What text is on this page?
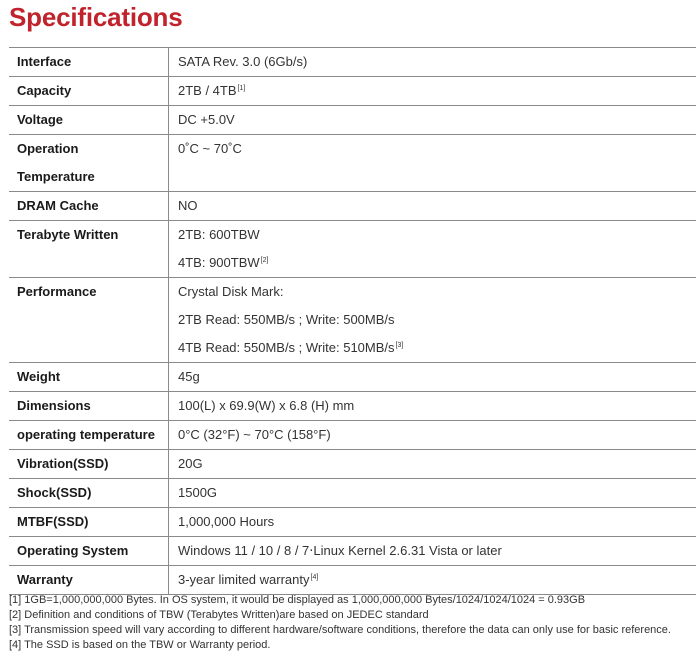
Specifications
Interface	SATA Rev. 3.0 (6Gb/s)

Capacity	2TB / 4TB[1]

Voltage	DC +5.0V

Operation
Temperature	0˚C ~ 70˚C

DRAM Cache	NO

Terabyte Written	2TB: 600TBW
4TB: 900TBW[2]

Performance	Crystal Disk Mark:
2TB Read: 550MB/s ; Write: 500MB/s
4TB Read: 550MB/s ; Write: 510MB/s[3]

Weight	45g

Dimensions	100(L) x 69.9(W) x 6.8 (H) mm

operating temperature	0°C (32°F) ~ 70°C (158°F)

Vibration(SSD)	20G

Shock(SSD)	1500G

MTBF(SSD)	1,000,000 Hours

Operating System	Windows 11 / 10 / 8 / 7‧Linux Kernel 2.6.31 Vista or later

Warranty	3-year limited warranty[4]
[1] 1GB=1,000,000,000 Bytes. In OS system, it would be displayed as 1,000,000,000 Bytes/1024/1024/1024 = 0.93GB
[2] Definition and conditions of TBW (Terabytes Written)are based on JEDEC standard
[3] Transmission speed will vary according to different hardware/software conditions, therefore the data can only use for basic reference.
[4] The SSD is based on the TBW or Warranty period.
